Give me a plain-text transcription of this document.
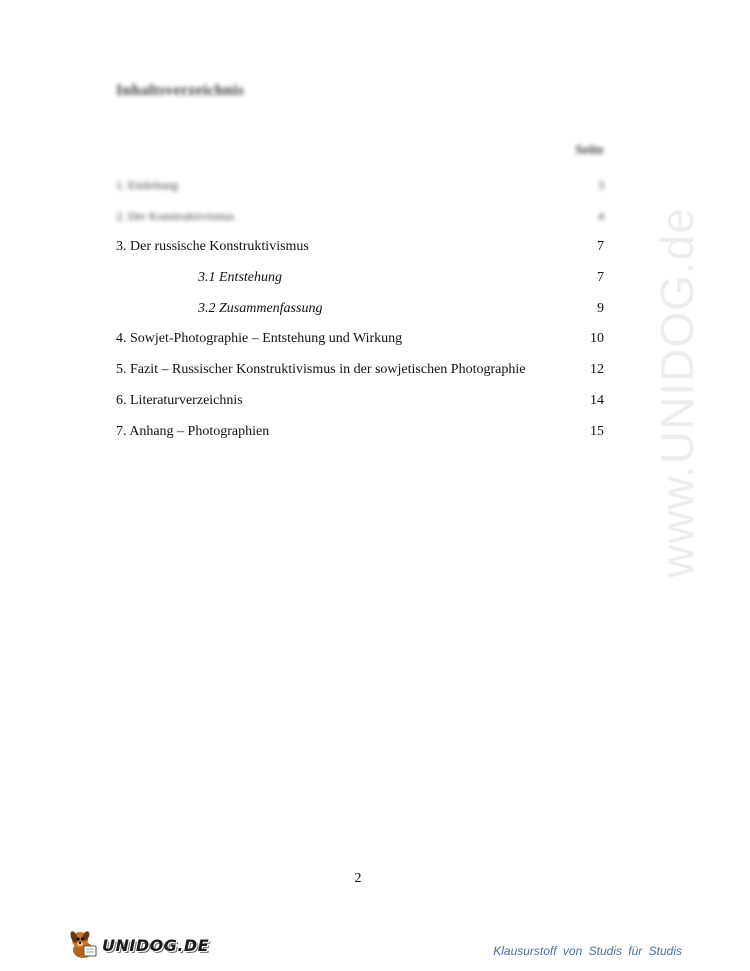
www.UNIDOG.de
Inhaltsverzeichnis
Seite
1. Einleitung	3
2. Der Konstruktivismus	4
3. Der russische Konstruktivismus	7
3.1 Entstehung	7
3.2 Zusammenfassung	9
4. Sowjet-Photographie – Entstehung und Wirkung	10
5. Fazit – Russischer Konstruktivismus in der sowjetischen Photographie	12
6. Literaturverzeichnis	14
7. Anhang – Photographien	15
2
UNIDOG.DE	Klausurstoff von Studis für Studis
